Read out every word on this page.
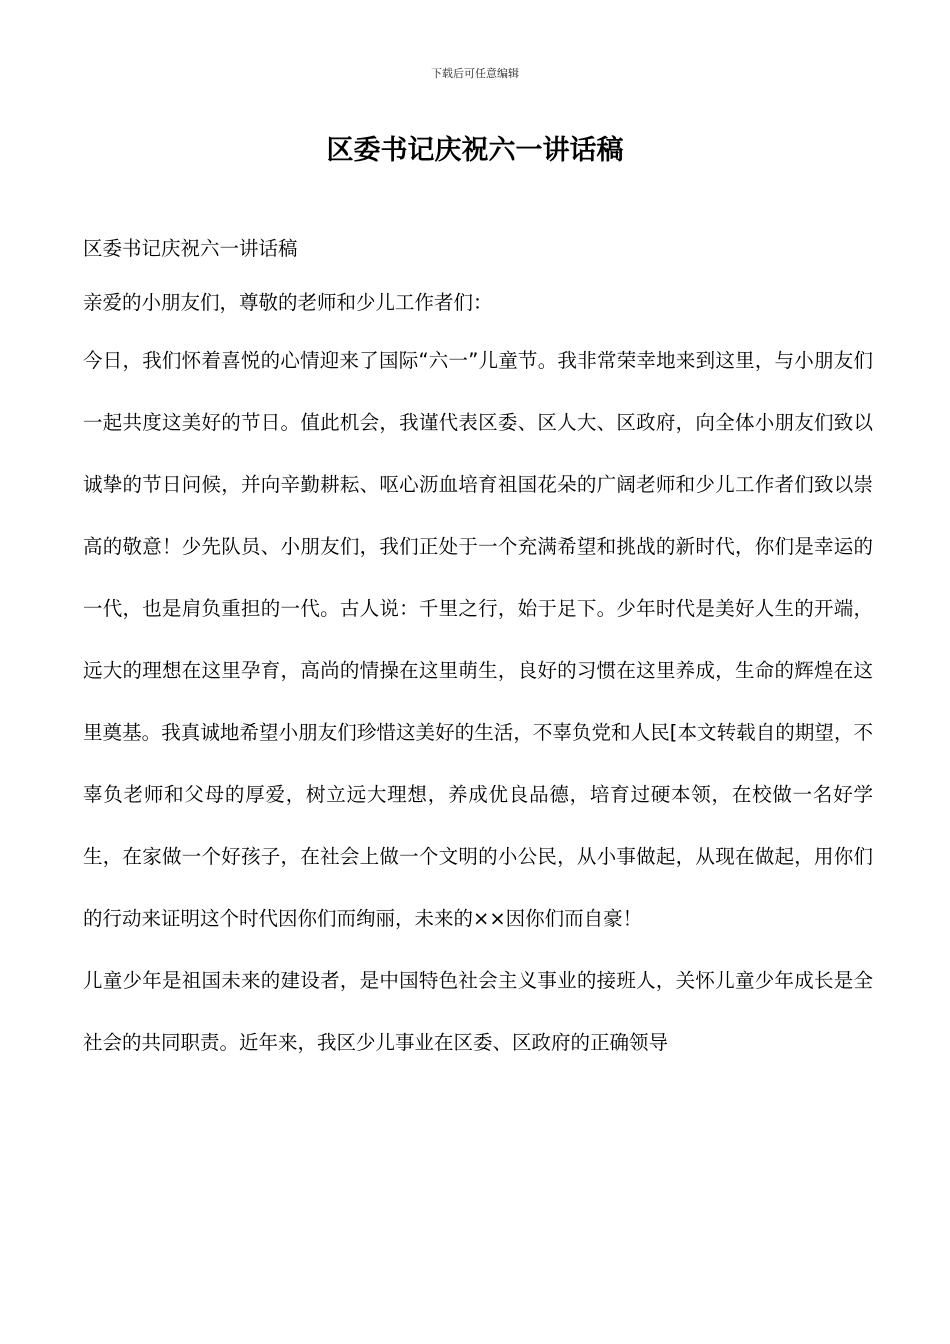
下载后可任意编辑
区委书记庆祝六一讲话稿

区委书记庆祝六一讲话稿

亲爱的小朋友们，尊敬的老师和少儿工作者们：

今日，我们怀着喜悦的心情迎来了国际“六一”儿童节。我非常荣幸地来到这里，与小朋友们一起共度这美好的节日。值此机会，我谨代表区委、区人大、区政府，向全体小朋友们致以诚挚的节日问候，并向辛勤耕耘、呕心沥血培育祖国花朵的广阔老师和少儿工作者们致以崇高的敬意！少先队员、小朋友们，我们正处于一个充满希望和挑战的新时代，你们是幸运的一代，也是肩负重担的一代。古人说：千里之行，始于足下。少年时代是美好人生的开端，远大的理想在这里孕育，高尚的情操在这里萌生，良好的习惯在这里养成，生命的辉煌在这里奠基。我真诚地希望小朋友们珍惜这美好的生活，不辜负党和人民[本文转载自的期望，不辜负老师和父母的厚爱，树立远大理想，养成优良品德，培育过硬本领，在校做一名好学生，在家做一个好孩子，在社会上做一个文明的小公民，从小事做起，从现在做起，用你们的行动来证明这个时代因你们而绚丽，未来的××因你们而自豪！

儿童少年是祖国未来的建设者，是中国特色社会主义事业的接班人，关怀儿童少年成长是全社会的共同职责。近年来，我区少儿事业在区委、区政府的正确领导
